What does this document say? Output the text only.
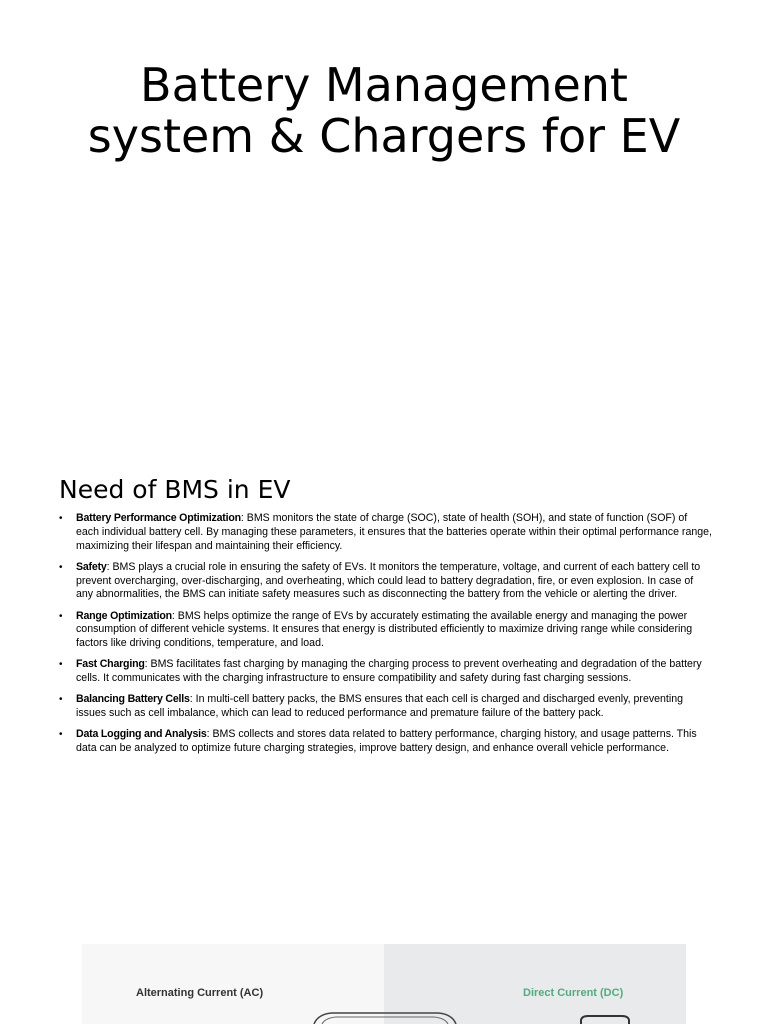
Battery Management system & Chargers for EV
Need of BMS in EV
• Battery Performance Optimization: BMS monitors the state of charge (SOC), state of health (SOH), and state of function (SOF) of each individual battery cell. By managing these parameters, it ensures that the batteries operate within their optimal performance range, maximizing their lifespan and maintaining their efficiency.
• Safety: BMS plays a crucial role in ensuring the safety of EVs. It monitors the temperature, voltage, and current of each battery cell to prevent overcharging, over-discharging, and overheating, which could lead to battery degradation, fire, or even explosion. In case of any abnormalities, the BMS can initiate safety measures such as disconnecting the battery from the vehicle or alerting the driver.
• Range Optimization: BMS helps optimize the range of EVs by accurately estimating the available energy and managing the power consumption of different vehicle systems. It ensures that energy is distributed efficiently to maximize driving range while considering factors like driving conditions, temperature, and load.
• Fast Charging: BMS facilitates fast charging by managing the charging process to prevent overheating and degradation of the battery cells. It communicates with the charging infrastructure to ensure compatibility and safety during fast charging sessions.
• Balancing Battery Cells: In multi-cell battery packs, the BMS ensures that each cell is charged and discharged evenly, preventing issues such as cell imbalance, which can lead to reduced performance and premature failure of the battery pack.
• Data Logging and Analysis: BMS collects and stores data related to battery performance, charging history, and usage patterns. This data can be analyzed to optimize future charging strategies, improve battery design, and enhance overall vehicle performance.
Alternating Current (AC)	Direct Current (DC)
